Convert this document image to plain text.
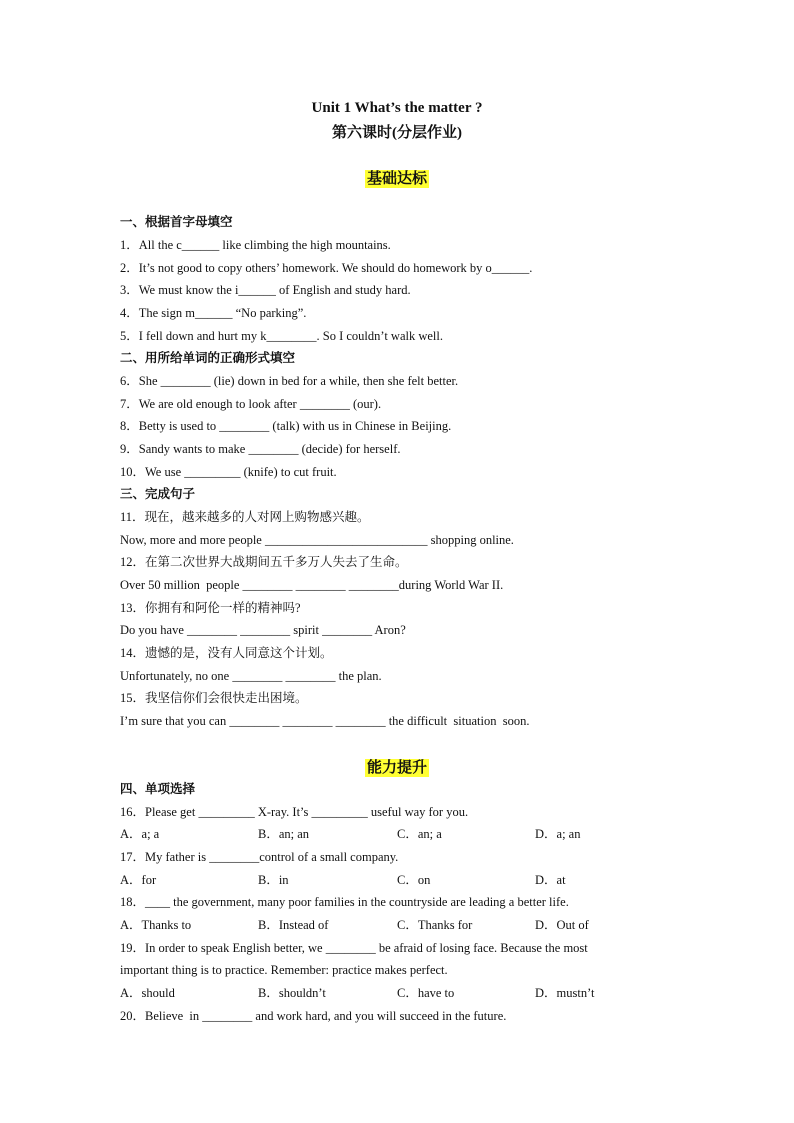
Unit 1 What’s the matter ?
第六课时(分层作业)
基础达标
一、根据首字母填空
1．All the c______ like climbing the high mountains.
2．It’s not good to copy others’ homework. We should do homework by o______.
3．We must know the i______ of English and study hard.
4．The sign m______ “No parking”.
5．I fell down and hurt my k________. So I couldn’t walk well.
二、用所给单词的正确形式填空
6．She ________ (lie) down in bed for a while, then she felt better.
7．We are old enough to look after ________ (our).
8．Betty is used to ________ (talk) with us in Chinese in Beijing.
9．Sandy wants to make ________ (decide) for herself.
10．We use _________ (knife) to cut fruit.
三、完成句子
11．现在，越来越多的人对网上购物感兴趣。
Now, more and more people __________________________ shopping online.
12．在第二次世界大战期间五千多万人失去了生命。
Over 50 million  people ________ ________ ________during World War II.
13．你拥有和阿伦一样的精神吗?
Do you have ________ ________ spirit ________ Aron?
14．遗憾的是，没有人同意这个计划。
Unfortunately, no one ________ ________ the plan.
15．我坚信你们会很快走出困境。
I’m sure that you can ________ ________ ________ the difficult  situation  soon.
能力提升
四、单项选择
16．Please get _________ X-ray. It’s _________ useful way for you.
A．a; a	B．an; an	C．an; a	D．a; an
17．My father is ________control of a small company.
A．for	B．in	C．on	D．at
18．____ the government, many poor families in the countryside are leading a better life.
A．Thanks to	B．Instead of	C．Thanks for	D．Out of
19．In order to speak English better, we ________ be afraid of losing face. Because the most
important thing is to practice. Remember: practice makes perfect.
A．should	B．shouldn’t	C．have to	D．mustn’t
20．Believe  in ________ and work hard, and you will succeed in the future.
